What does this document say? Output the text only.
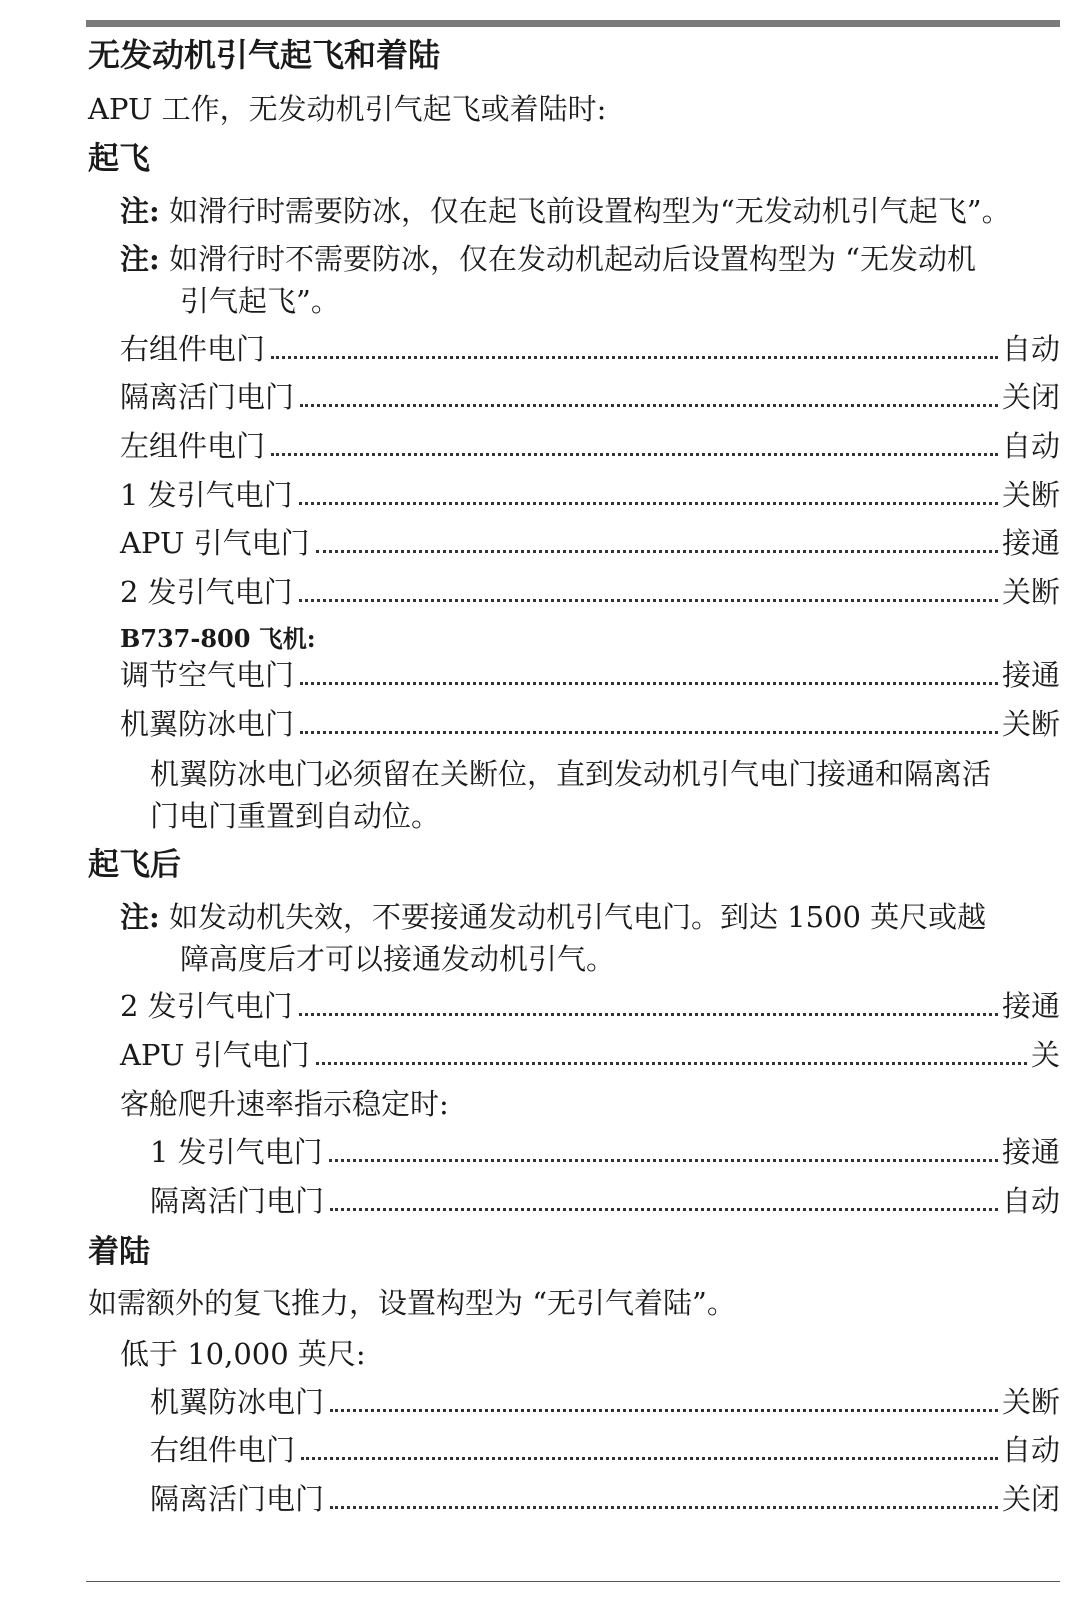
无发动机引气起飞和着陆
APU 工作，无发动机引气起飞或着陆时:
起飞
注: 如滑行时需要防冰，仅在起飞前设置构型为“无发动机引气起飞”。
注: 如滑行时不需要防冰，仅在发动机起动后设置构型为 “无发动机
引气起飞”。
右组件电门	自动
隔离活门电门	关闭
左组件电门	自动
1 发引气电门	关断
APU 引气电门	接通
2 发引气电门	关断
B737-800 飞机:
调节空气电门	接通
机翼防冰电门	关断
机翼防冰电门必须留在关断位，直到发动机引气电门接通和隔离活
门电门重置到自动位。
起飞后
注: 如发动机失效，不要接通发动机引气电门。到达 1500 英尺或越
障高度后才可以接通发动机引气。
2 发引气电门	接通
APU 引气电门	关
客舱爬升速率指示稳定时:
1 发引气电门	接通
隔离活门电门	自动
着陆
如需额外的复飞推力，设置构型为 “无引气着陆”。
低于 10,000 英尺:
机翼防冰电门	关断
右组件电门	自动
隔离活门电门	关闭
